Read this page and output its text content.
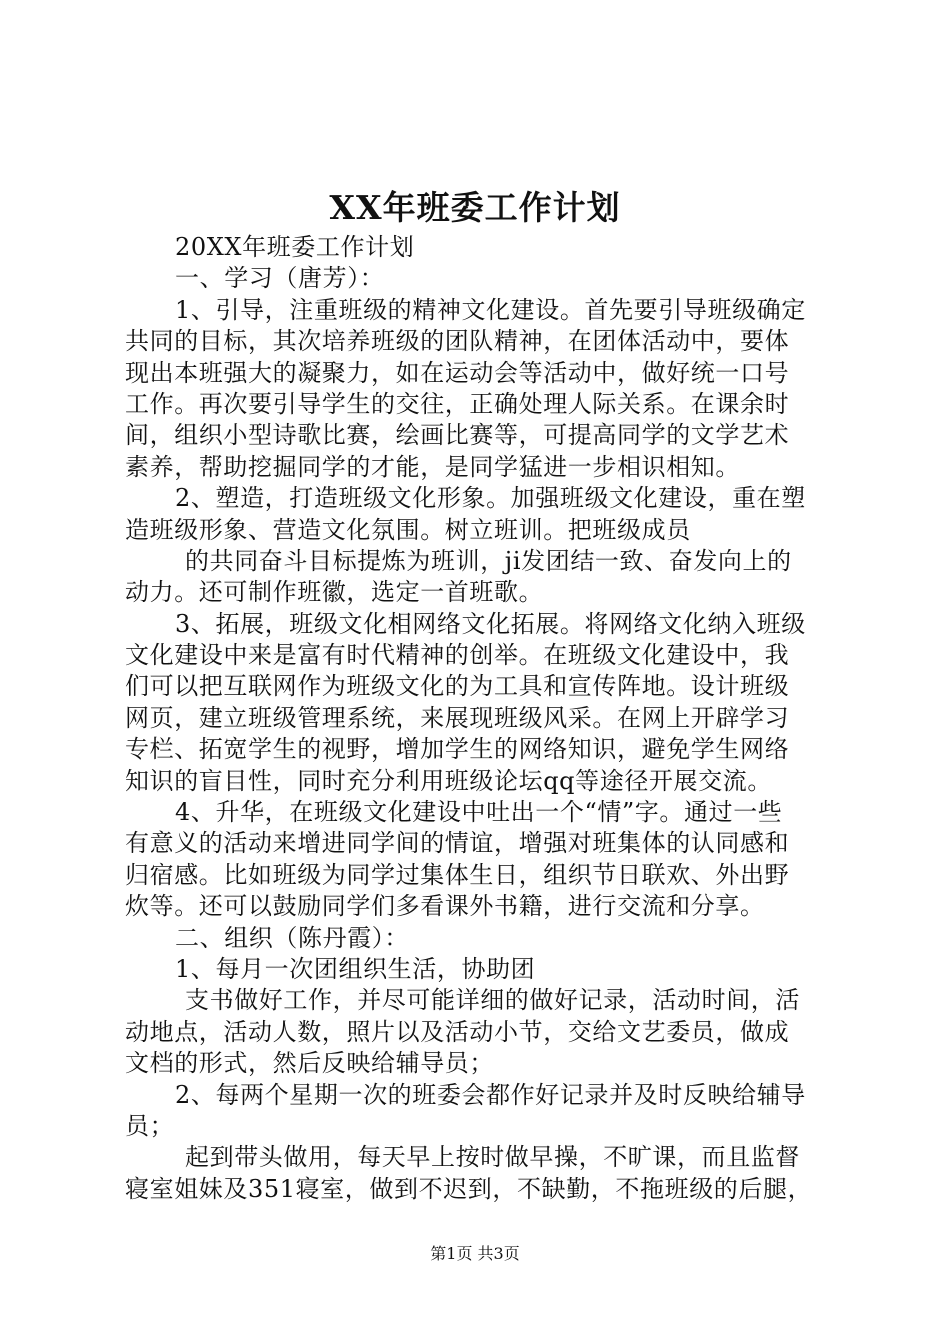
XX年班委工作计划
20XX年班委工作计划
一、学习（唐芳）：
1、引导，注重班级的精神文化建设。首先要引导班级确定
共同的目标，其次培养班级的团队精神，在团体活动中，要体
现出本班强大的凝聚力，如在运动会等活动中，做好统一口号
工作。再次要引导学生的交往，正确处理人际关系。在课余时
间，组织小型诗歌比赛，绘画比赛等，可提高同学的文学艺术
素养，帮助挖掘同学的才能，是同学猛进一步相识相知。
2、塑造，打造班级文化形象。加强班级文化建设，重在塑
造班级形象、营造文化氛围。树立班训。把班级成员
的共同奋斗目标提炼为班训，ji发团结一致、奋发向上的
动力。还可制作班徽，选定一首班歌。
3、拓展，班级文化相网络文化拓展。将网络文化纳入班级
文化建设中来是富有时代精神的创举。在班级文化建设中，我
们可以把互联网作为班级文化的为工具和宣传阵地。设计班级
网页，建立班级管理系统，来展现班级风采。在网上开辟学习
专栏、拓宽学生的视野，增加学生的网络知识，避免学生网络
知识的盲目性，同时充分利用班级论坛qq等途径开展交流。
4、升华，在班级文化建设中吐出一个“情”字。通过一些
有意义的活动来增进同学间的情谊，增强对班集体的认同感和
归宿感。比如班级为同学过集体生日，组织节日联欢、外出野
炊等。还可以鼓励同学们多看课外书籍，进行交流和分享。
二、组织（陈丹霞）：
1、每月一次团组织生活，协助团
支书做好工作，并尽可能详细的做好记录，活动时间，活
动地点，活动人数，照片以及活动小节，交给文艺委员，做成
文档的形式，然后反映给辅导员；
2、每两个星期一次的班委会都作好记录并及时反映给辅导
员；
起到带头做用，每天早上按时做早操，不旷课，而且监督
寝室姐妹及351寝室，做到不迟到，不缺勤，不拖班级的后腿，
第1页 共3页
